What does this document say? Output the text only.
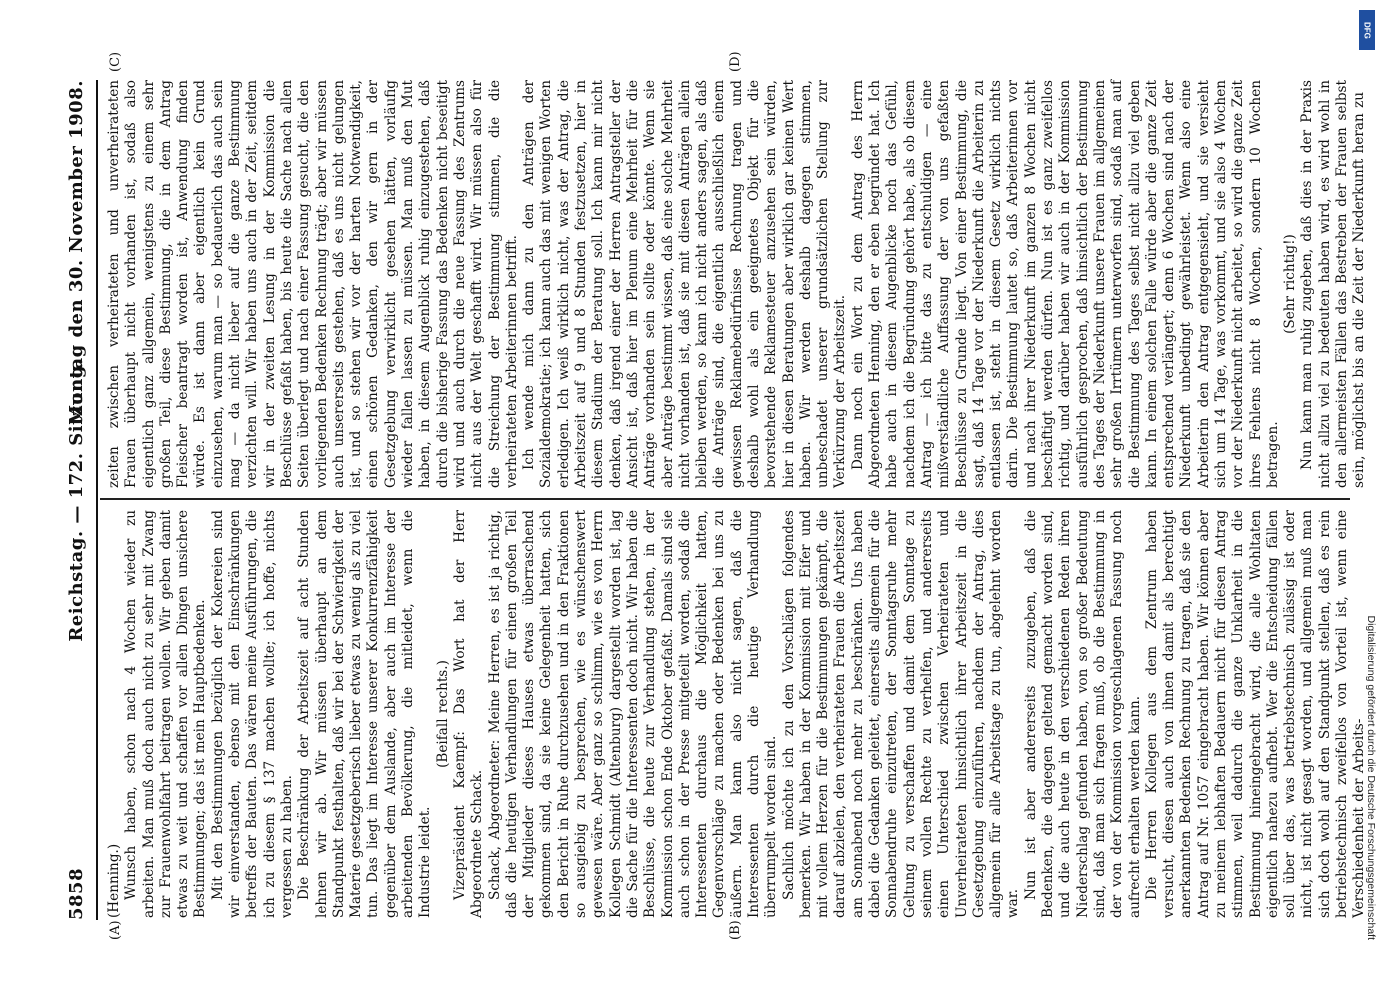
5858
Reichstag. — 172. Sitzung.
Montag den 30. November 1908.
(A)	(B)
(C)	(D)

(Henning.) Wunsch haben, schon nach 4 Wochen wieder zu arbeiten. Man muß doch auch nicht zu sehr mit Zwang zur Frauenwohlfahrt beitragen wollen. Wir geben damit etwas zu weit und schaffen vor allen Dingen unsichere Bestimmungen; das ist mein Hauptbedenken. Mit den Bestimmungen bezüglich der Kokereien sind wir einverstanden, ebenso mit den Einschränkungen betreffs der Bauten. Das wären meine Ausführungen, die ich zu diesem § 137 machen wollte; ich hoffe, nichts vergessen zu haben. Die Beschränkung der Arbeitszeit auf acht Stunden lehnen wir ab. Wir müssen überhaupt an dem Standpunkt festhalten, daß wir bei der Schwierigkeit der Materie gesetzgeberisch lieber etwas zu wenig als zu viel tun. Das liegt im Interesse unserer Konkurrenzfähigkeit gegenüber dem Auslande, aber auch im Interesse der arbeitenden Bevölkerung, die mitleidet, wenn die Industrie leidet.

(Beifall rechts.) Vizepräsident Kaempf: Das Wort hat der Herr Abgeordnete Schack. Schack, Abgeordneter: Meine Herren, es ist ja richtig, daß die heutigen Verhandlungen für einen großen Teil der Mitglieder dieses Hauses etwas überraschend gekommen sind, da sie keine Gelegenheit hatten, sich den Bericht in Ruhe durchzusehen und in den Fraktionen so ausgiebig zu besprechen, wie es wünschenswert gewesen wäre. Aber ganz so schlimm, wie es von Herrn Kollegen Schmidt (Altenburg) dargestellt worden ist, lag die Sache für die Interessenten doch nicht. Wir haben die Beschlüsse, die heute zur Verhandlung stehen, in der Kommission schon Ende Oktober gefaßt. Damals sind sie auch schon in der Presse mitgeteilt worden, sodaß die Interessenten durchaus die Möglichkeit hatten, Gegenvorschläge zu machen oder Bedenken bei uns zu äußern. Man kann also nicht sagen, daß die Interessenten durch die heutige Verhandlung überrumpelt worden sind. Sachlich möchte ich zu den Vorschlägen folgendes bemerken. Wir haben in der Kommission mit Eifer und mit vollem Herzen für die Bestimmungen gekämpft, die darauf abzielen, den verheirateten Frauen die Arbeitszeit am Sonnabend noch mehr zu beschränken. Uns haben dabei die Gedanken geleitet, einerseits allgemein für die Sonnabendruhe einzutreten, der Sonntagsruhe mehr Geltung zu verschaffen und damit dem Sonntage zu seinem vollen Rechte zu verhelfen, und andererseits einen Unterschied zwischen Verheirateten und Unverheirateten hinsichtlich ihrer Arbeitszeit in die Gesetzgebung einzuführen, nachdem der Antrag, dies allgemein für alle Arbeitstage zu tun, abgelehnt worden war.

Nun ist aber andererseits zuzugeben, daß die Bedenken, die dagegen geltend gemacht worden sind, und die auch heute in den verschiedenen Reden ihren Niederschlag gefunden haben, von so großer Bedeutung sind, daß man sich fragen muß, ob die Bestimmung in der von der Kommission vorgeschlagenen Fassung noch aufrecht erhalten werden kann. Die Herren Kollegen aus dem Zentrum haben versucht, diesen auch von ihnen damit als berechtigt anerkannten Bedenken Rechnung zu tragen, daß sie den Antrag auf Nr. 1057 eingebracht haben. Wir können aber zu meinem lebhaften Bedauern nicht für diesen Antrag stimmen, weil dadurch die ganze Unklarheit in die Bestimmung hineingebracht wird, die alle Wohltaten eigentlich nahezu aufhebt. Wer die Entscheidung fällen soll über das, was betriebstechnisch zulässig ist oder nicht, ist nicht gesagt worden, und allgemein muß man sich doch wohl auf den Standpunkt stellen, daß es rein betriebstechnisch zweifellos von Vorteil ist, wenn eine Verschiedenheit der Arbeits-

zeiten zwischen verheirateten und unverheirateten Frauen überhaupt nicht vorhanden ist, sodaß also eigentlich ganz allgemein, wenigstens zu einem sehr großen Teil, diese Bestimmung, die in dem Antrag Fleischer beantragt worden ist, Anwendung finden würde. Es ist dann aber eigentlich kein Grund einzusehen, warum man — so bedauerlich das auch sein mag — da nicht lieber auf die ganze Bestimmung verzichten will. Wir haben uns auch in der Zeit, seitdem wir in der zweiten Lesung in der Kommission die Beschlüsse gefaßt haben, bis heute die Sache nach allen Seiten überlegt und nach einer Fassung gesucht, die den vorliegenden Bedenken Rechnung trägt; aber wir müssen auch unsererseits gestehen, daß es uns nicht gelungen ist, und so stehen wir vor der harten Notwendigkeit, einen schönen Gedanken, den wir gern in der Gesetzgebung verwirklicht gesehen hätten, vorläufig wieder fallen lassen zu müssen. Man muß den Mut haben, in diesem Augenblick ruhig einzugestehen, daß durch die bisherige Fassung das Bedenken nicht beseitigt wird und auch durch die neue Fassung des Zentrums nicht aus der Welt geschafft wird. Wir müssen also für die Streichung der Bestimmung stimmen, die die verheirateten Arbeiterinnen betrifft. Ich wende mich dann zu den Anträgen der Sozialdemokratie; ich kann auch das mit wenigen Worten erledigen. Ich weiß wirklich nicht, was der Antrag, die Arbeitszeit auf 9 und 8 Stunden festzusetzen, hier in diesem Stadium der Beratung soll. Ich kann mir nicht denken, daß irgend einer der Herren Antragsteller der Ansicht ist, daß hier im Plenum eine Mehrheit für die Anträge vorhanden sein sollte oder könnte. Wenn sie aber Anträge bestimmt wissen, daß eine solche Mehrheit nicht vorhanden ist, daß sie mit diesen Anträgen allein bleiben werden, so kann ich nicht anders sagen, als daß die Anträge sind, die eigentlich ausschließlich einem gewissen Reklamebedürfnisse Rechnung tragen und deshalb wohl als ein geeignetes Objekt für die bevorstehende Reklamesteuer anzusehen sein würden, hier in diesen Beratungen aber wirklich gar keinen Wert haben. Wir werden deshalb dagegen stimmen, unbeschadet unserer grundsätzlichen Stellung zur Verkürzung der Arbeitszeit. Dann noch ein Wort zu dem Antrag des Herrn Abgeordneten Henning, den er eben begründet hat. Ich habe auch in diesem Augenblicke noch das Gefühl, nachdem ich die Begründung gehört habe, als ob diesem Antrag — ich bitte das zu entschuldigen — eine mißverständliche Auffassung der von uns gefaßten Beschlüsse zu Grunde liegt. Von einer Bestimmung, die sagt, daß 14 Tage vor der Niederkunft die Arbeiterin zu entlassen ist, steht in diesem Gesetz wirklich nichts darin. Die Bestimmung lautet so, daß Arbeiterinnen vor und nach ihrer Niederkunft im ganzen 8 Wochen nicht beschäftigt werden dürfen. Nun ist es ganz zweifellos richtig, und darüber haben wir auch in der Kommission ausführlich gesprochen, daß hinsichtlich der Bestimmung des Tages der Niederkunft unsere Frauen im allgemeinen sehr großen Irrtümern unterworfen sind, sodaß man auf die Bestimmung des Tages selbst nicht allzu viel geben kann. In einem solchen Falle würde aber die ganze Zeit entsprechend verlängert; denn 6 Wochen sind nach der Niederkunft unbedingt gewährleistet. Wenn also eine Arbeiterin den Antrag entgegensieht, und sie versieht sich um 14 Tage, was vorkommt, und sie also 4 Wochen vor der Niederkunft nicht arbeitet, so wird die ganze Zeit ihres Fehlens nicht 8 Wochen, sondern 10 Wochen betragen.

(Sehr richtig!) Nun kann man ruhig zugeben, daß dies in der Praxis nicht allzu viel zu bedeuten haben wird, es wird wohl in den allermeisten Fällen das Bestreben der Frauen selbst sein, möglichst bis an die Zeit der Niederkunft heran zu

DFG
Digitalisierung gefördert durch die Deutsche Forschungsgemeinschaft
